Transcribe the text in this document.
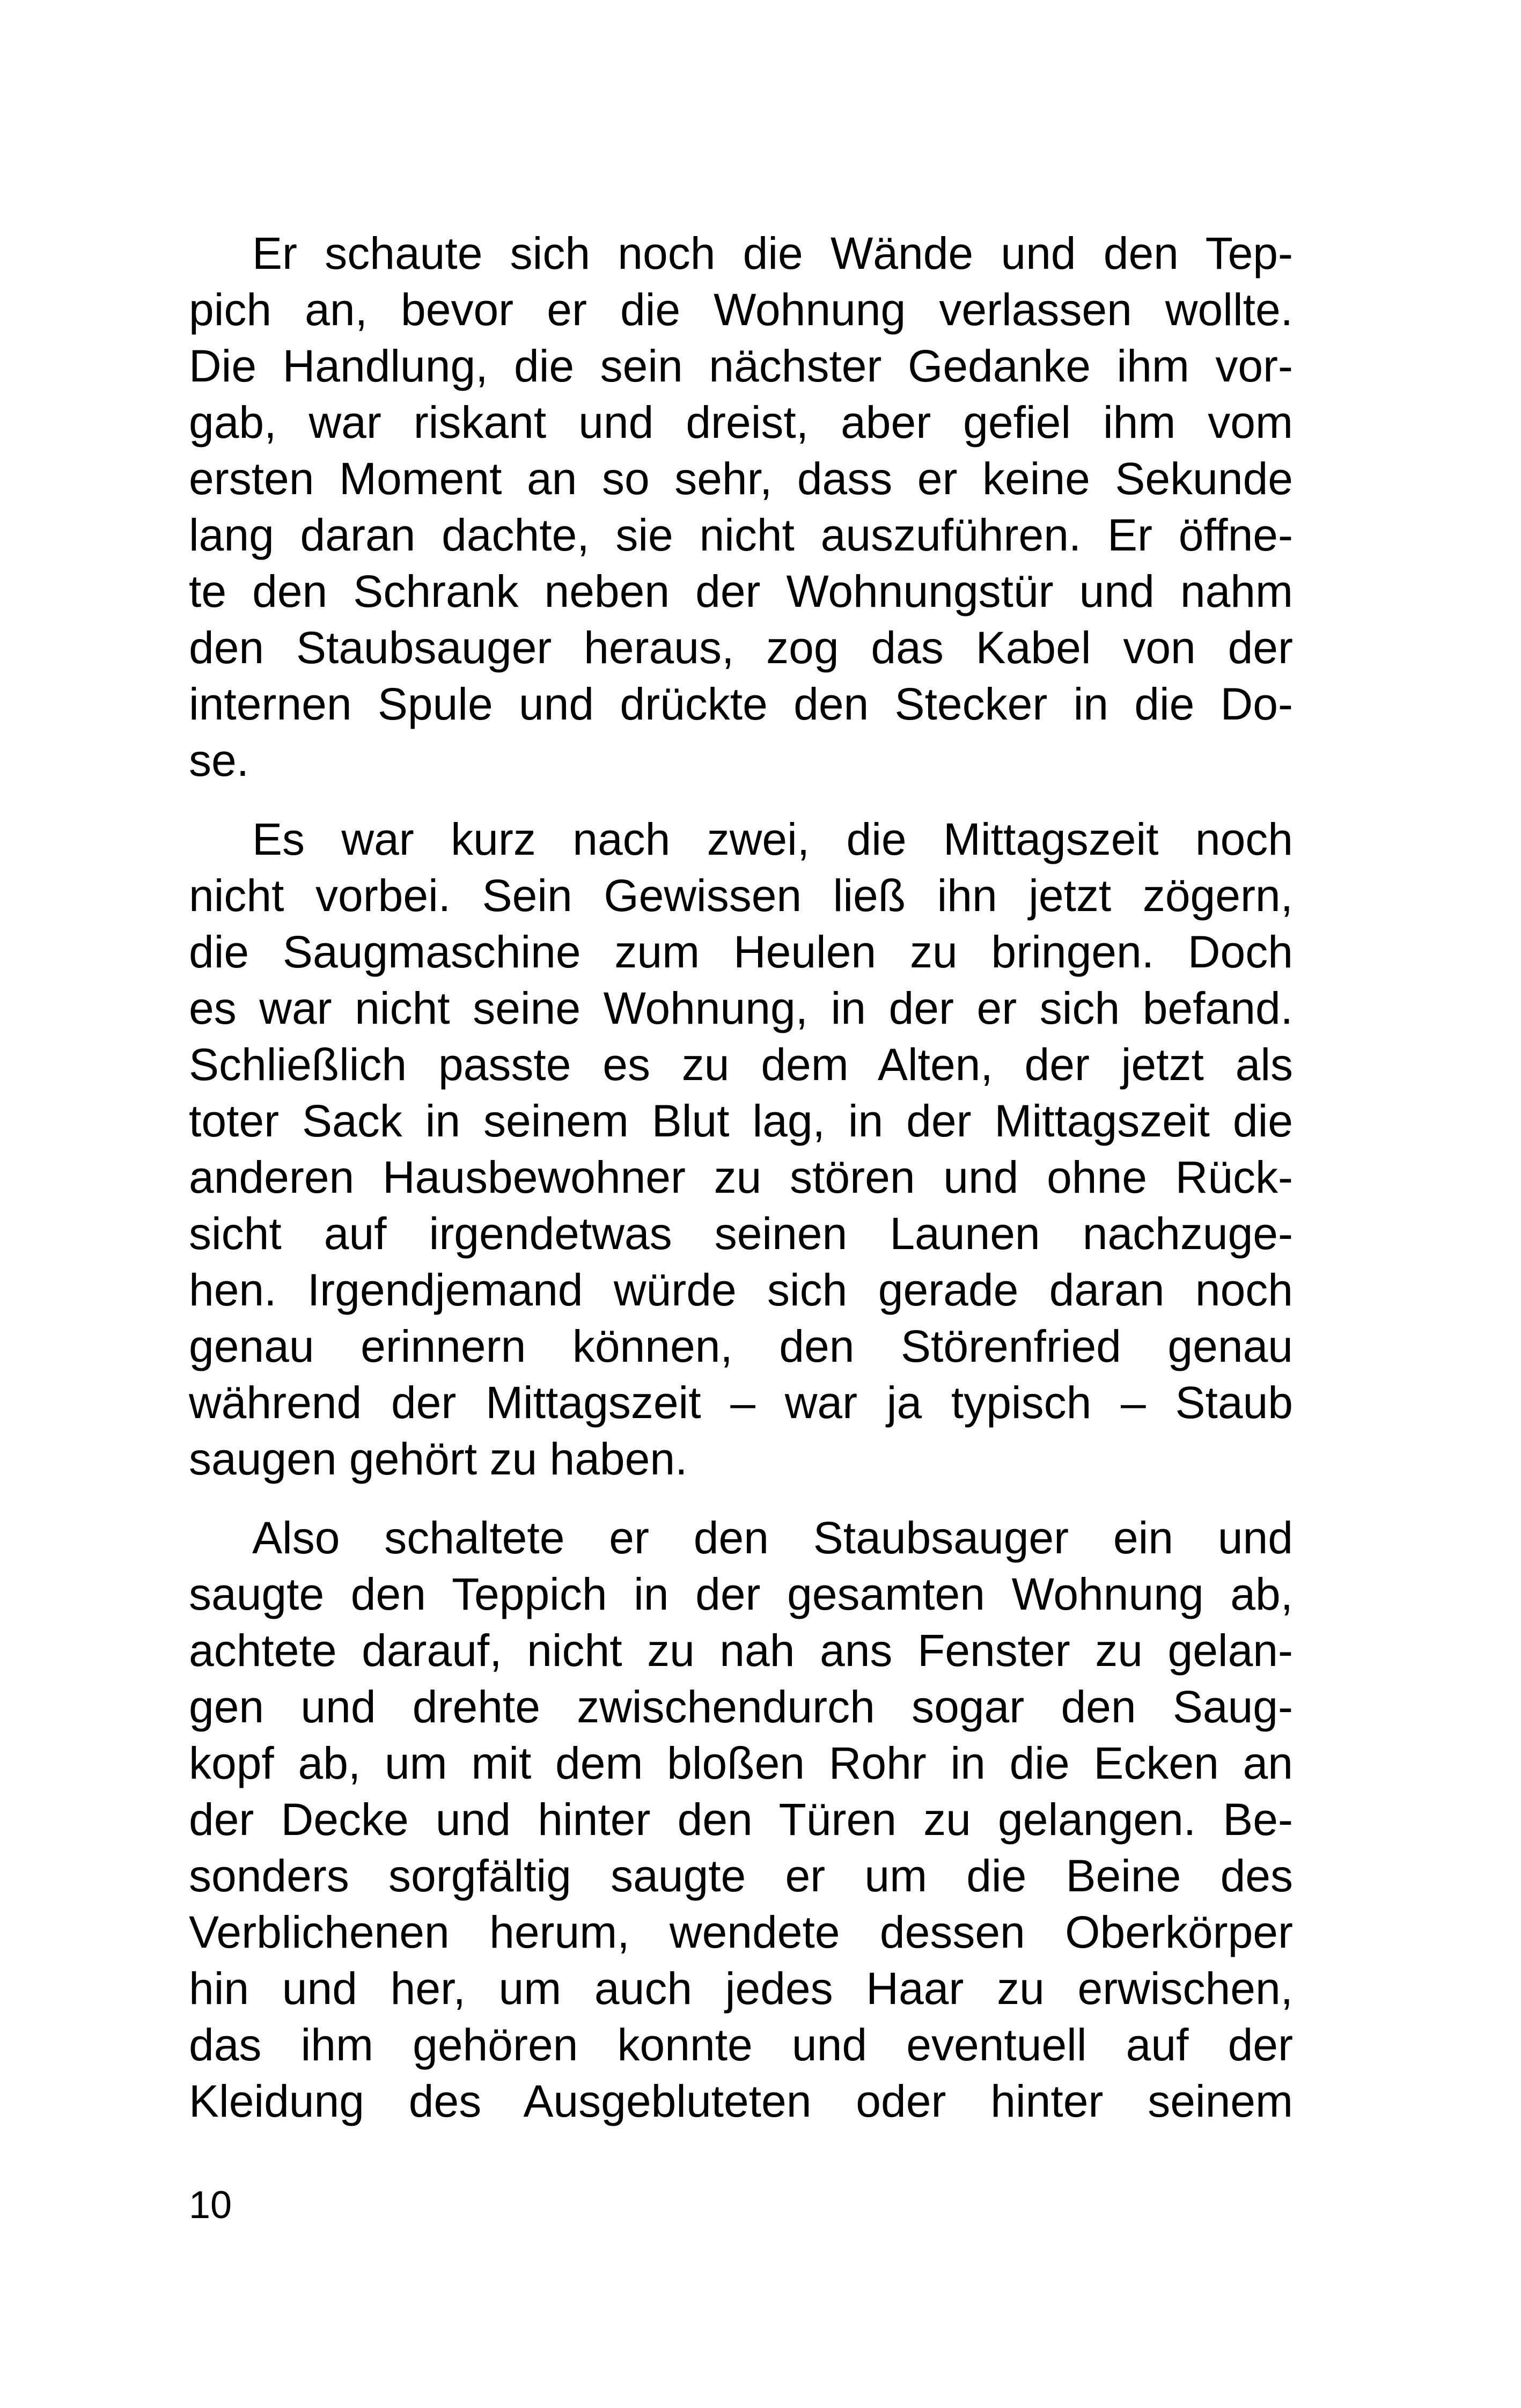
Er schaute sich noch die Wände und den Tep-
pich an, bevor er die Wohnung verlassen wollte.
Die Handlung, die sein nächster Gedanke ihm vor-
gab, war riskant und dreist, aber gefiel ihm vom
ersten Moment an so sehr, dass er keine Sekunde
lang daran dachte, sie nicht auszuführen. Er öffne-
te den Schrank neben der Wohnungstür und nahm
den Staubsauger heraus, zog das Kabel von der
internen Spule und drückte den Stecker in die Do-
se.
Es war kurz nach zwei, die Mittagszeit noch
nicht vorbei. Sein Gewissen ließ ihn jetzt zögern,
die Saugmaschine zum Heulen zu bringen. Doch
es war nicht seine Wohnung, in der er sich befand.
Schließlich passte es zu dem Alten, der jetzt als
toter Sack in seinem Blut lag, in der Mittagszeit die
anderen Hausbewohner zu stören und ohne Rück-
sicht auf irgendetwas seinen Launen nachzuge-
hen. Irgendjemand würde sich gerade daran noch
genau erinnern können, den Störenfried genau
während der Mittagszeit – war ja typisch – Staub
saugen gehört zu haben.
Also schaltete er den Staubsauger ein und
saugte den Teppich in der gesamten Wohnung ab,
achtete darauf, nicht zu nah ans Fenster zu gelan-
gen und drehte zwischendurch sogar den Saug-
kopf ab, um mit dem bloßen Rohr in die Ecken an
der Decke und hinter den Türen zu gelangen. Be-
sonders sorgfältig saugte er um die Beine des
Verblichenen herum, wendete dessen Oberkörper
hin und her, um auch jedes Haar zu erwischen,
das ihm gehören konnte und eventuell auf der
Kleidung des Ausgebluteten oder hinter seinem
10
